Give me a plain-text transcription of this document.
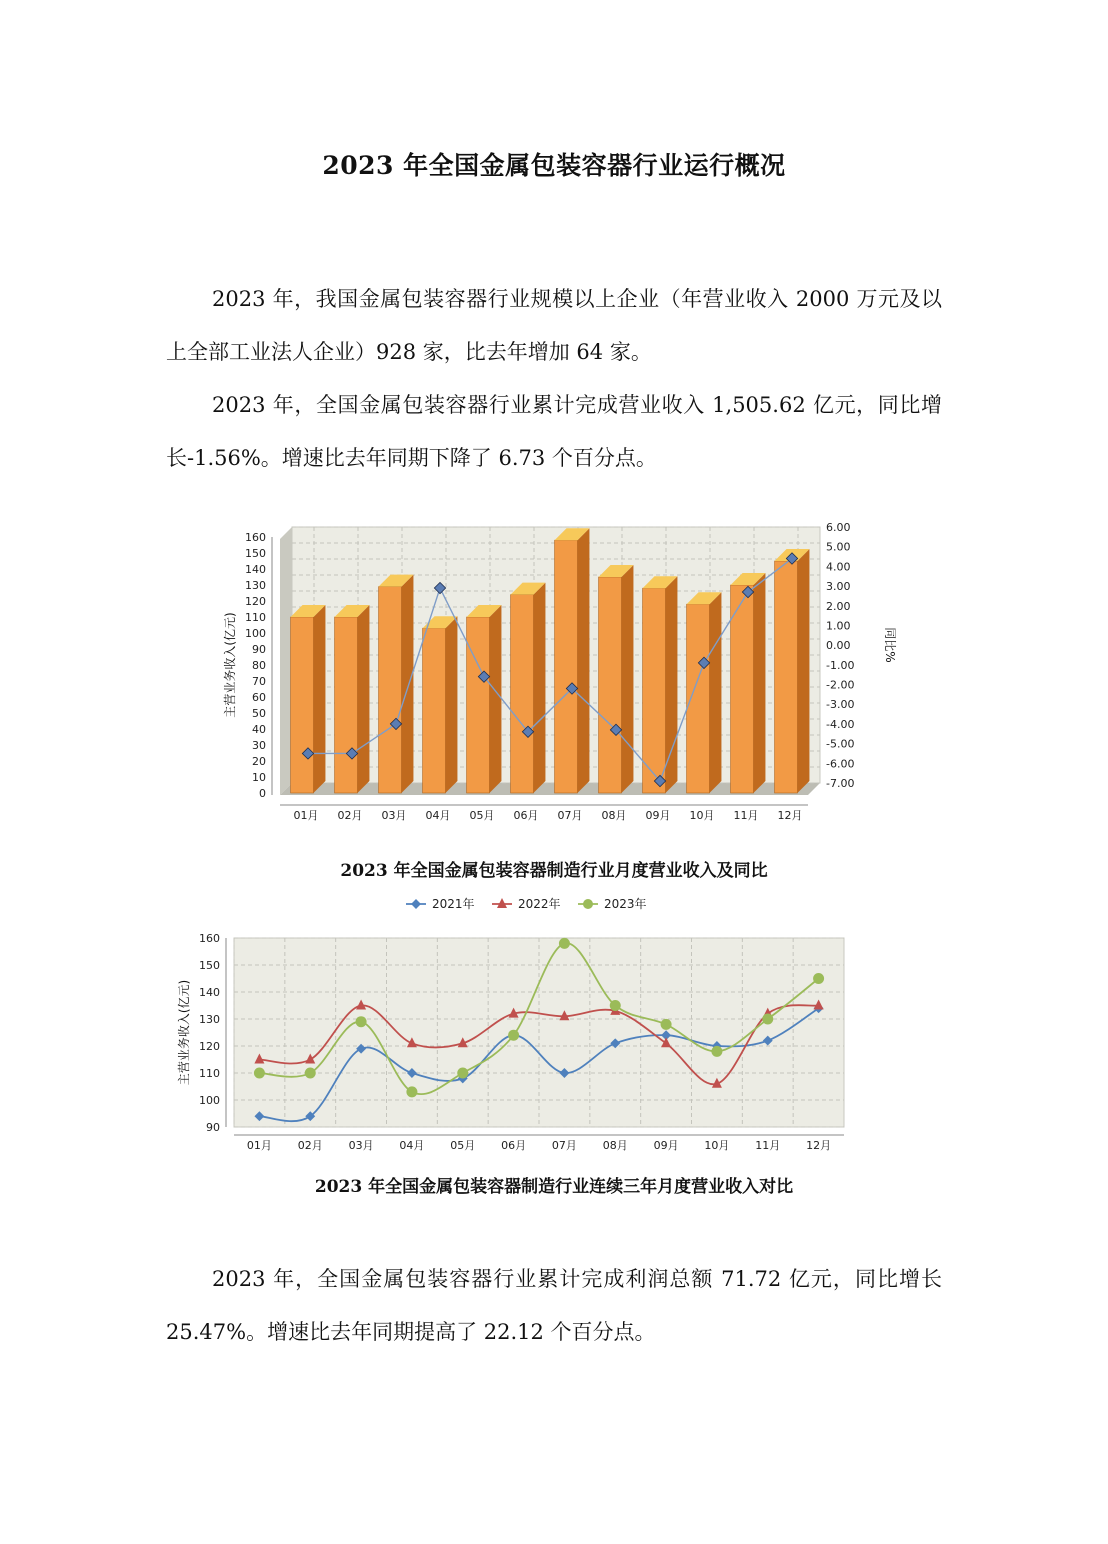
2023 年全国金属包装容器行业运行概况

2023 年，我国金属包装容器行业规模以上企业（年营业收入 2000 万元及以上全部工业法人企业）928 家，比去年增加 64 家。

2023 年，全国金属包装容器行业累计完成营业收入 1,505.62 亿元，同比增长-1.56%。增速比去年同期下降了 6.73 个百分点。

0
10
20
30
40
50
60
70
80
90
100
110
120
130
140
150
160
01月 02月 03月 04月 05月 06月 07月 08月 09月 10月 11月 12月
6.00
5.00
4.00
3.00
2.00
1.00
0.00
-1.00
-2.00
-3.00
-4.00
-5.00
-6.00
-7.00
主营业务收入(亿元)	同比%
2023 年全国金属包装容器制造行业月度营业收入及同比
2021年	2022年	2023年
90
100
110
120
130
140
150
160
01月 02月 03月 04月 05月 06月 07月 08月 09月 10月 11月 12月
主营业务收入(亿元)
2023 年全国金属包装容器制造行业连续三年月度营业收入对比

2023 年，全国金属包装容器行业累计完成利润总额 71.72 亿元，同比增长 25.47%。增速比去年同期提高了 22.12 个百分点。
